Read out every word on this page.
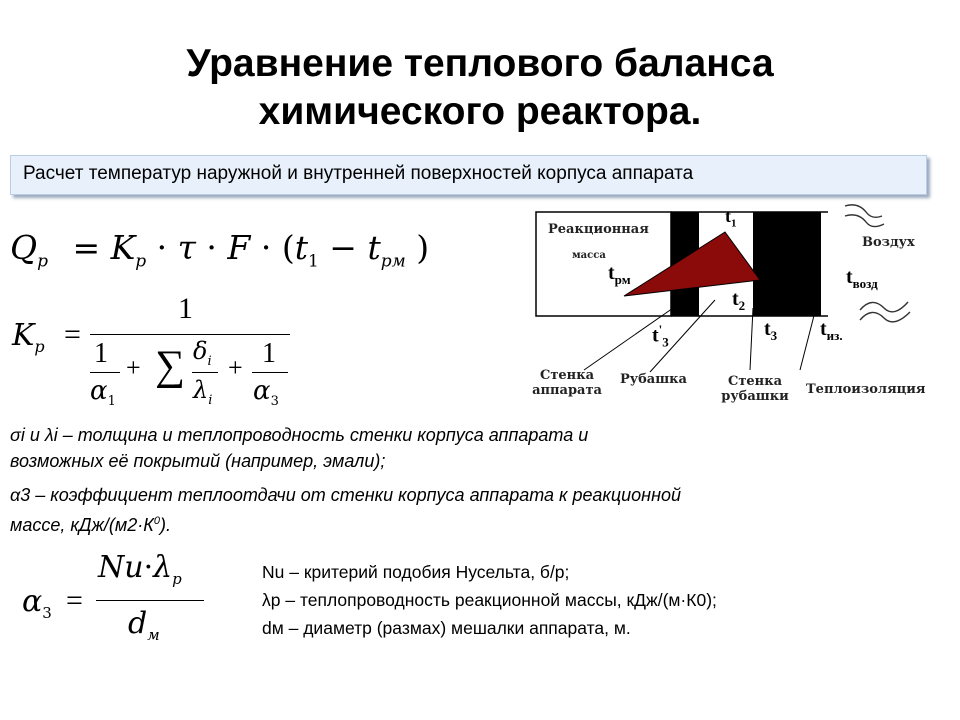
Уравнение теплового баланса
химического реактора.
Расчет температур наружной и внутренней поверхностей корпуса аппарата
$Q_р = K_р \cdot \tau \cdot F \cdot (t_1 - t_{рм}$ )
$K_р$ =
1
1
$\alpha_1$
+ ∑ $\delta_i$
$\lambda_i$
+ 1
$\alpha_3$
Реакционная
масса
$t_1$
$t_{рм}$
$t_2$
$t'_3$
$t_3$ $t_{из.}$
$t_{возд}$
Воздух
Стенка
аппарата
Рубашка	Стенка
рубашки	Теплоизоляция
σi и λi – толщина и теплопроводность стенки корпуса аппарата и
возможных её покрытий (например, эмали);
α3 – коэффициент теплоотдачи от стенки корпуса аппарата к реакционной
массе, кДж/$(м2\cdot К^0)$.
$\alpha_3$ =
$Nu\cdot\lambda_р$
$d_м$
Nu – критерий подобия Нусельта, б/р;
λр – теплопроводность реакционной массы, кДж/(м·К0);
dм – диаметр (размах) мешалки аппарата, м.
